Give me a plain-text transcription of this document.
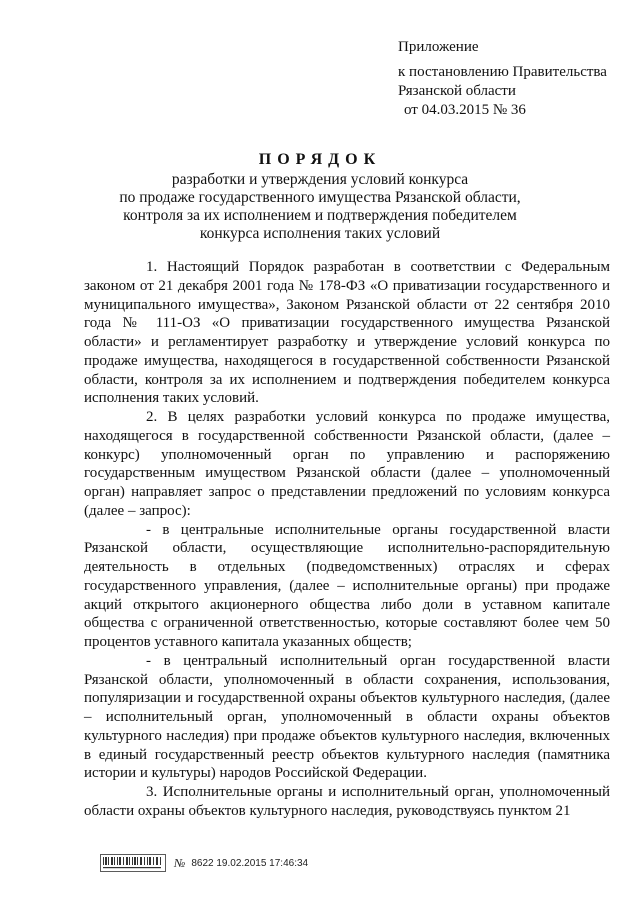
Приложение
к постановлению Правительства
Рязанской области
от 04.03.2015 № 36
ПОРЯДОК
разработки и утверждения условий конкурса
по продаже государственного имущества Рязанской области,
контроля за их исполнением и подтверждения победителем
конкурса исполнения таких условий

1. Настоящий Порядок разработан в соответствии с Федеральным законом от 21 декабря 2001 года № 178-ФЗ «О приватизации государственного и муниципального имущества», Законом Рязанской области от 22 сентября 2010 года № 111-ОЗ «О приватизации государственного имущества Рязанской области» и регламентирует разработку и утверждение условий конкурса по продаже имущества, находящегося в государственной собственности Рязанской области, контроля за их исполнением и подтверждения победителем конкурса исполнения таких условий.

2. В целях разработки условий конкурса по продаже имущества, находящегося в государственной собственности Рязанской области, (далее – конкурс) уполномоченный орган по управлению и распоряжению государственным имуществом Рязанской области (далее – уполномоченный орган) направляет запрос о представлении предложений по условиям конкурса (далее – запрос):

- в центральные исполнительные органы государственной власти Рязанской области, осуществляющие исполнительно-распорядительную деятельность в отдельных (подведомственных) отраслях и сферах государственного управления, (далее – исполнительные органы) при продаже акций открытого акционерного общества либо доли в уставном капитале общества с ограниченной ответственностью, которые составляют более чем 50 процентов уставного капитала указанных обществ;

- в центральный исполнительный орган государственной власти Рязанской области, уполномоченный в области сохранения, использования, популяризации и государственной охраны объектов культурного наследия, (далее – исполнительный орган, уполномоченный в области охраны объектов культурного наследия) при продаже объектов культурного наследия, включенных в единый государственный реестр объектов культурного наследия (памятника истории и культуры) народов Российской Федерации.

3. Исполнительные органы и исполнительный орган, уполномоченный области охраны объектов культурного наследия, руководствуясь пунктом 21

№ 8622 19.02.2015 17:46:34
